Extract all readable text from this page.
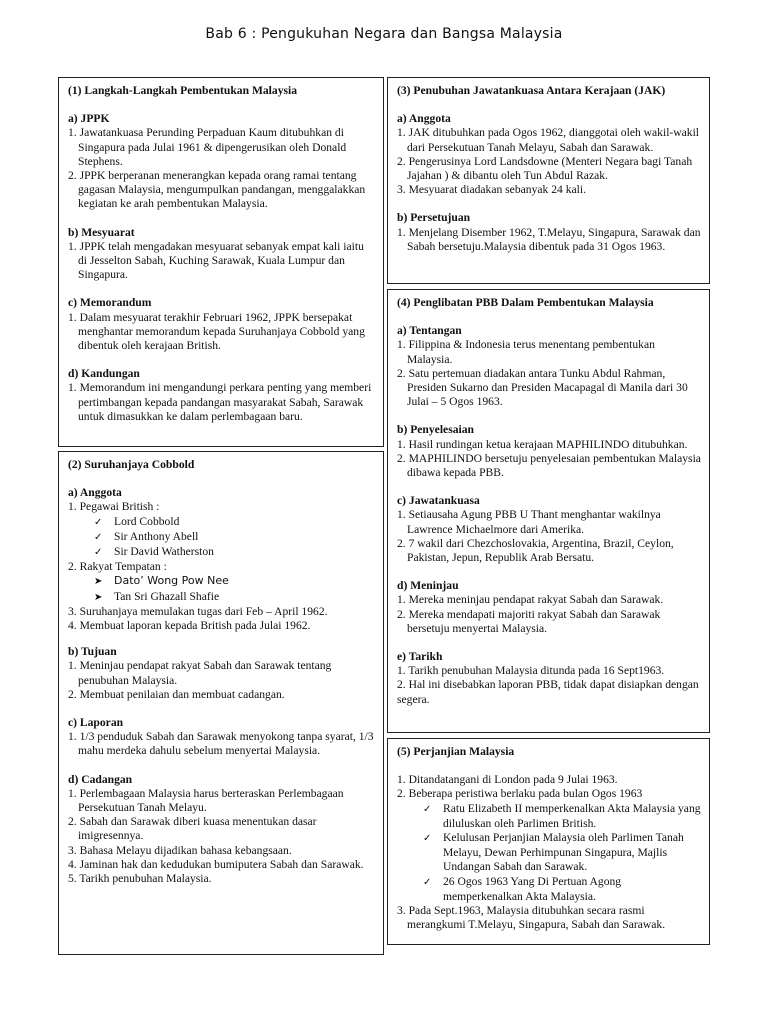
Bab 6 : Pengukuhan Negara dan Bangsa Malaysia
(1) Langkah-Langkah Pembentukan Malaysia
a) JPPK

1. Jawatankuasa Perunding Perpaduan Kaum ditubuhkan di Singapura pada Julai 1961 & dipengerusikan oleh Donald Stephens.

2. JPPK berperanan menerangkan kepada orang ramai tentang gagasan Malaysia, mengumpulkan pandangan, menggalakkan kegiatan ke arah pembentukan Malaysia.

b) Mesyuarat

1. JPPK telah mengadakan mesyuarat sebanyak empat kali iaitu di Jesselton Sabah, Kuching Sarawak, Kuala Lumpur dan Singapura.

c) Memorandum

1. Dalam mesyuarat terakhir Februari 1962, JPPK bersepakat menghantar memorandum kepada Suruhanjaya Cobbold yang dibentuk oleh kerajaan British.

d) Kandungan

1. Memorandum ini mengandungi perkara penting yang memberi pertimbangan kepada pandangan masyarakat Sabah, Sarawak untuk dimasukkan ke dalam perlembagaan baru.

(2) Suruhanjaya Cobbold
a) Anggota

1. Pegawai British :

✓ Lord Cobbold

✓ Sir Anthony Abell

✓ Sir David Watherston

2. Rakyat Tempatan :

➤ Dato’ Wong Pow Nee

➤ Tan Sri Ghazall Shafie

3. Suruhanjaya memulakan tugas dari Feb – April 1962.

4. Membuat laporan kepada British pada Julai 1962.

b) Tujuan

1. Meninjau pendapat rakyat Sabah dan Sarawak tentang penubuhan Malaysia.

2. Membuat penilaian dan membuat cadangan.

c) Laporan

1. 1/3 penduduk Sabah dan Sarawak menyokong tanpa syarat, 1/3 mahu merdeka dahulu sebelum menyertai Malaysia.

d) Cadangan

1. Perlembagaan Malaysia harus berteraskan Perlembagaan Persekutuan Tanah Melayu.

2. Sabah dan Sarawak diberi kuasa menentukan dasar imigresennya.

3. Bahasa Melayu dijadikan bahasa kebangsaan.

4. Jaminan hak dan kedudukan bumiputera Sabah dan Sarawak.

5. Tarikh penubuhan Malaysia.

(3) Penubuhan Jawatankuasa Antara Kerajaan (JAK)
a) Anggota

1. JAK ditubuhkan pada Ogos 1962, dianggotai oleh wakil-wakil dari Persekutuan Tanah Melayu, Sabah dan Sarawak.

2. Pengerusinya Lord Landsdowne (Menteri Negara bagi Tanah Jajahan ) & dibantu oleh Tun Abdul Razak.

3. Mesyuarat diadakan sebanyak 24 kali.

b) Persetujuan

1. Menjelang Disember 1962, T.Melayu, Singapura, Sarawak dan Sabah bersetuju.Malaysia dibentuk pada 31 Ogos 1963.

(4) Penglibatan PBB Dalam Pembentukan Malaysia
a) Tentangan

1. Filippina & Indonesia terus menentang pembentukan Malaysia.

2. Satu pertemuan diadakan antara Tunku Abdul Rahman, Presiden Sukarno dan Presiden Macapagal di Manila dari 30 Julai – 5 Ogos 1963.

b) Penyelesaian

1. Hasil rundingan ketua kerajaan MAPHILINDO ditubuhkan.

2. MAPHILINDO bersetuju penyelesaian pembentukan Malaysia dibawa kepada PBB.

c) Jawatankuasa

1. Setiausaha Agung PBB U Thant menghantar wakilnya Lawrence Michaelmore dari Amerika.

2. 7 wakil dari Chezchoslovakia, Argentina, Brazil, Ceylon, Pakistan, Jepun, Republik Arab Bersatu.

d) Meninjau

1. Mereka meninjau pendapat rakyat Sabah dan Sarawak.

2. Mereka mendapati majoriti rakyat Sabah dan Sarawak bersetuju menyertai Malaysia.

e) Tarikh

1. Tarikh penubuhan Malaysia ditunda pada 16 Sept1963.

2. Hal ini disebabkan laporan PBB, tidak dapat disiapkan dengan segera.

(5) Perjanjian Malaysia

1. Ditandatangani di London pada 9 Julai 1963.

2. Beberapa peristiwa berlaku pada bulan Ogos 1963

✓ Ratu Elizabeth II memperkenalkan Akta Malaysia yang diluluskan oleh Parlimen British.

✓ Kelulusan Perjanjian Malaysia oleh Parlimen Tanah Melayu, Dewan Perhimpunan Singapura, Majlis Undangan Sabah dan Sarawak.

✓ 26 Ogos 1963 Yang Di Pertuan Agong memperkenalkan Akta Malaysia.

3. Pada Sept.1963, Malaysia ditubuhkan secara rasmi merangkumi T.Melayu, Singapura, Sabah dan Sarawak.
